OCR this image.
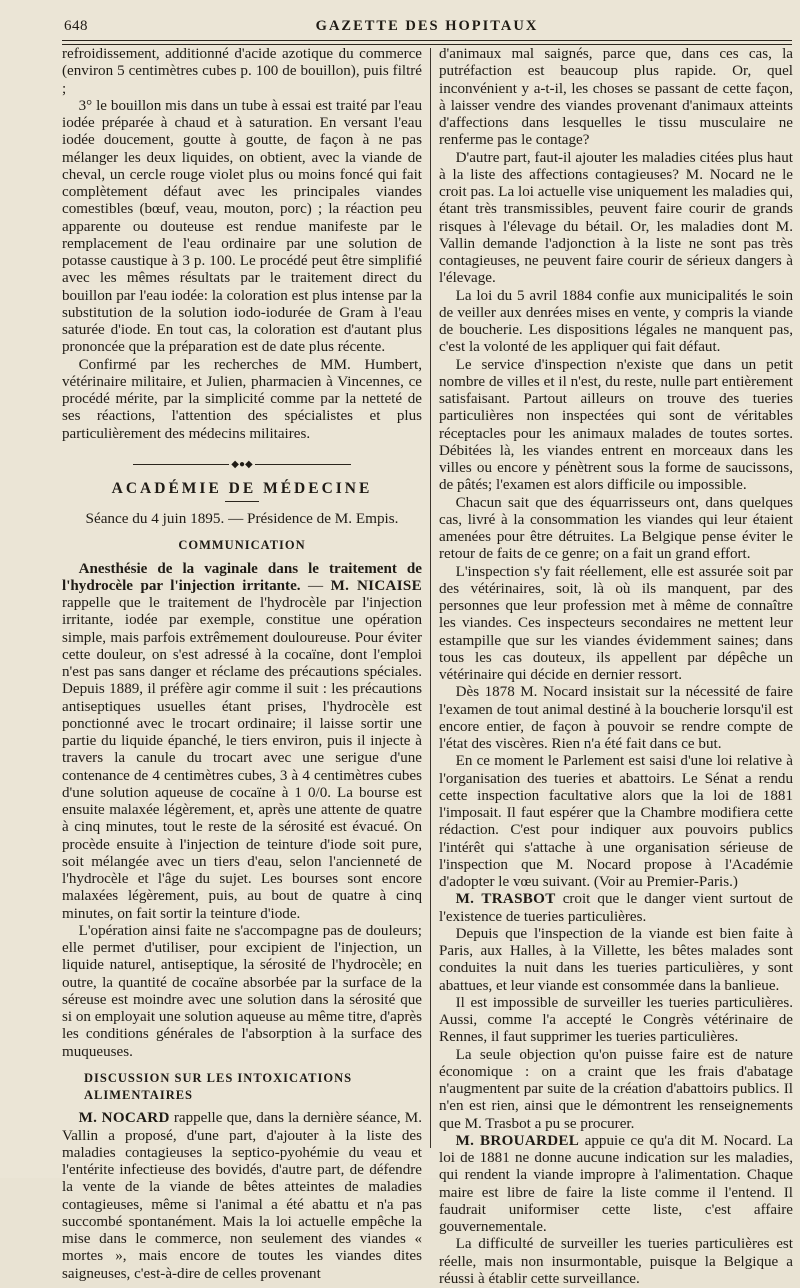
648	GAZETTE DES HOPITAUX

refroidissement, additionné d'acide azotique du commerce (environ 5 centimètres cubes p. 100 de bouillon), puis filtré ;

3° le bouillon mis dans un tube à essai est traité par l'eau iodée préparée à chaud et à saturation. En versant l'eau iodée doucement, goutte à goutte, de façon à ne pas mélanger les deux liquides, on obtient, avec la viande de cheval, un cercle rouge violet plus ou moins foncé qui fait complètement défaut avec les principales viandes comestibles (bœuf, veau, mouton, porc) ; la réaction peu apparente ou douteuse est rendue manifeste par le remplacement de l'eau ordinaire par une solution de potasse caustique à 3 p. 100. Le procédé peut être simplifié avec les mêmes résultats par le traitement direct du bouillon par l'eau iodée: la coloration est plus intense par la substitution de la solution iodo-iodurée de Gram à l'eau saturée d'iode. En tout cas, la coloration est d'autant plus prononcée que la préparation est de date plus récente.

Confirmé par les recherches de MM. Humbert, vétérinaire militaire, et Julien, pharmacien à Vincennes, ce procédé mérite, par la simplicité comme par la netteté de ses réactions, l'attention des spécialistes et plus particulièrement des médecins militaires.

◆●◆
ACADÉMIE DE MÉDECINE
Séance du 4 juin 1895. — Présidence de M. Empis.
COMMUNICATION

Anesthésie de la vaginale dans le traitement de l'hydrocèle par l'injection irritante. — M. NICAISE rappelle que le traitement de l'hydrocèle par l'injection irritante, iodée par exemple, constitue une opération simple, mais parfois extrêmement douloureuse. Pour éviter cette douleur, on s'est adressé à la cocaïne, dont l'emploi n'est pas sans danger et réclame des précautions spéciales. Depuis 1889, il préfère agir comme il suit : les précautions antiseptiques usuelles étant prises, l'hydrocèle est ponctionné avec le trocart ordinaire; il laisse sortir une partie du liquide épanché, le tiers environ, puis il injecte à travers la canule du trocart avec une serigue d'une contenance de 4 centimètres cubes, 3 à 4 centimètres cubes d'une solution aqueuse de cocaïne à 1 0/0. La bourse est ensuite malaxée légèrement, et, après une attente de quatre à cinq minutes, tout le reste de la sérosité est évacué. On procède ensuite à l'injection de teinture d'iode soit pure, soit mélangée avec un tiers d'eau, selon l'ancienneté de l'hydrocèle et l'âge du sujet. Les bourses sont encore malaxées légèrement, puis, au bout de quatre à cinq minutes, on fait sortir la teinture d'iode.

L'opération ainsi faite ne s'accompagne pas de douleurs; elle permet d'utiliser, pour excipient de l'injection, un liquide naturel, antiseptique, la sérosité de l'hydrocèle; en outre, la quantité de cocaïne absorbée par la surface de la séreuse est moindre avec une solution dans la sérosité que si on employait une solution aqueuse au même titre, d'après les conditions générales de l'absorption à la surface des muqueuses.

DISCUSSION SUR LES INTOXICATIONS ALIMENTAIRES

M. NOCARD rappelle que, dans la dernière séance, M. Vallin a proposé, d'une part, d'ajouter à la liste des maladies contagieuses la septico-pyohémie du veau et l'entérite infectieuse des bovidés, d'autre part, de défendre la vente de la viande de bêtes atteintes de maladies contagieuses, même si l'animal a été abattu et n'a pas succombé spontanément. Mais la loi actuelle empêche la mise dans le commerce, non seulement des viandes « mortes », mais encore de toutes les viandes dites saigneuses, c'est-à-dire de celles provenant

d'animaux mal saignés, parce que, dans ces cas, la putréfaction est beaucoup plus rapide. Or, quel inconvénient y a-t-il, les choses se passant de cette façon, à laisser vendre des viandes provenant d'animaux atteints d'affections dans lesquelles le tissu musculaire ne renferme pas le contage?

D'autre part, faut-il ajouter les maladies citées plus haut à la liste des affections contagieuses? M. Nocard ne le croit pas. La loi actuelle vise uniquement les maladies qui, étant très transmissibles, peuvent faire courir de grands risques à l'élevage du bétail. Or, les maladies dont M. Vallin demande l'adjonction à la liste ne sont pas très contagieuses, ne peuvent faire courir de sérieux dangers à l'élevage.

La loi du 5 avril 1884 confie aux municipalités le soin de veiller aux denrées mises en vente, y compris la viande de boucherie. Les dispositions légales ne manquent pas, c'est la volonté de les appliquer qui fait défaut.

Le service d'inspection n'existe que dans un petit nombre de villes et il n'est, du reste, nulle part entièrement satisfaisant. Partout ailleurs on trouve des tueries particulières non inspectées qui sont de véritables réceptacles pour les animaux malades de toutes sortes. Débitées là, les viandes entrent en morceaux dans les villes ou encore y pénètrent sous la forme de saucissons, de pâtés; l'examen est alors difficile ou impossible.

Chacun sait que des équarrisseurs ont, dans quelques cas, livré à la consommation les viandes qui leur étaient amenées pour être détruites. La Belgique pense éviter le retour de faits de ce genre; on a fait un grand effort.

L'inspection s'y fait réellement, elle est assurée soit par des vétérinaires, soit, là où ils manquent, par des personnes que leur profession met à même de connaître les viandes. Ces inspecteurs secondaires ne mettent leur estampille que sur les viandes évidemment saines; dans tous les cas douteux, ils appellent par dépêche un vétérinaire qui décide en dernier ressort.

Dès 1878 M. Nocard insistait sur la nécessité de faire l'examen de tout animal destiné à la boucherie lorsqu'il est encore entier, de façon à pouvoir se rendre compte de l'état des viscères. Rien n'a été fait dans ce but.

En ce moment le Parlement est saisi d'une loi relative à l'organisation des tueries et abattoirs. Le Sénat a rendu cette inspection facultative alors que la loi de 1881 l'imposait. Il faut espérer que la Chambre modifiera cette rédaction. C'est pour indiquer aux pouvoirs publics l'intérêt qui s'attache à une organisation sérieuse de l'inspection que M. Nocard propose à l'Académie d'adopter le vœu suivant. (Voir au Premier-Paris.)

M. TRASBOT croit que le danger vient surtout de l'existence de tueries particulières.

Depuis que l'inspection de la viande est bien faite à Paris, aux Halles, à la Villette, les bêtes malades sont conduites la nuit dans les tueries particulières, y sont abattues, et leur viande est consommée dans la banlieue.

Il est impossible de surveiller les tueries particulières. Aussi, comme l'a accepté le Congrès vétérinaire de Rennes, il faut supprimer les tueries particulières.

La seule objection qu'on puisse faire est de nature économique : on a craint que les frais d'abatage n'augmentent par suite de la création d'abattoirs publics. Il n'en est rien, ainsi que le démontrent les renseignements que M. Trasbot a pu se procurer.

M. BROUARDEL appuie ce qu'a dit M. Nocard. La loi de 1881 ne donne aucune indication sur les maladies, qui rendent la viande impropre à l'alimentation. Chaque maire est libre de faire la liste comme il l'entend. Il faudrait uniformiser cette liste, c'est affaire gouvernementale.

La difficulté de surveiller les tueries particulières est réelle, mais non insurmontable, puisque la Belgique a réussi à établir cette surveillance.
